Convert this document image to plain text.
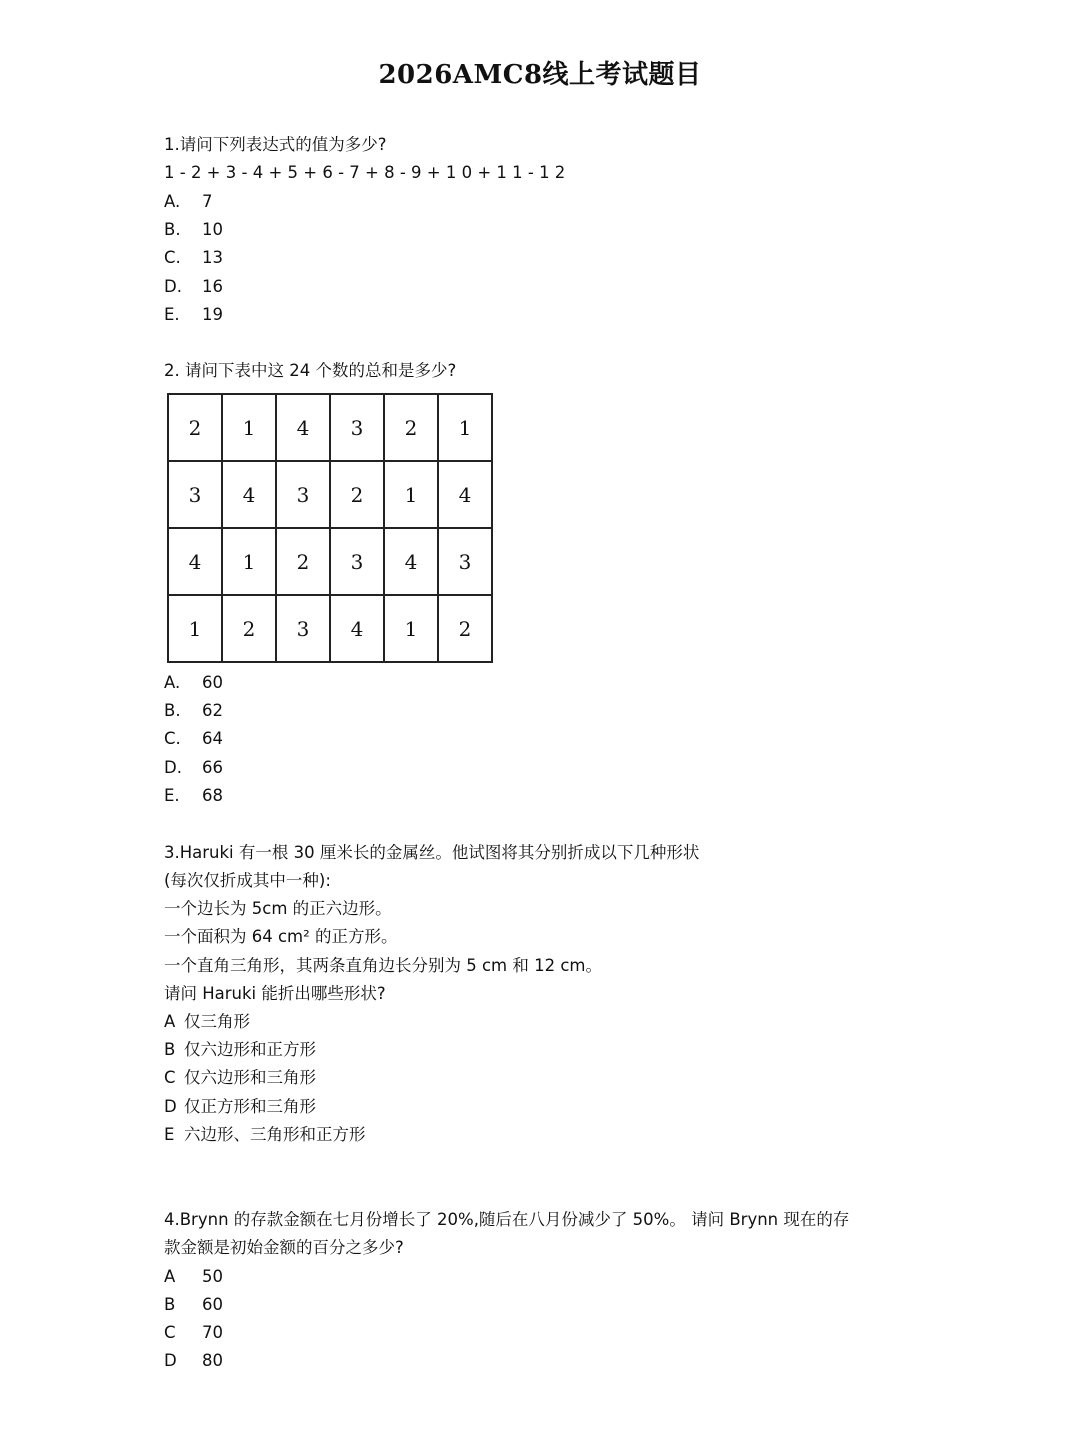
2026AMC8线上考试题目
1.请问下列表达式的值为多少?
1 - 2 + 3 - 4 + 5 + 6 - 7 + 8 - 9 + 1 0 + 1 1 - 1 2
A. 7
B. 10
C. 13
D. 16
E. 19
2. 请问下表中这 24 个数的总和是多少?
2	1	4	3	2	1
3	4	3	2	1	4
4	1	2	3	4	3
1	2	3	4	1	2
A. 60
B. 62
C. 64
D. 66
E. 68
3.Haruki 有一根 30 厘米长的金属丝。他试图将其分别折成以下几种形状
(每次仅折成其中一种):
一个边长为 5cm 的正六边形。
一个面积为 64 cm² 的正方形。
一个直角三角形，其两条直角边长分别为 5 cm 和 12 cm。
请问 Haruki 能折出哪些形状?
A 仅三角形
B 仅六边形和正方形
C 仅六边形和三角形
D 仅正方形和三角形
E 六边形、三角形和正方形
4.Brynn 的存款金额在七月份增长了 20%,随后在八月份减少了 50%。 请问 Brynn 现在的存
款金额是初始金额的百分之多少?
A 50
B 60
C 70
D 80
